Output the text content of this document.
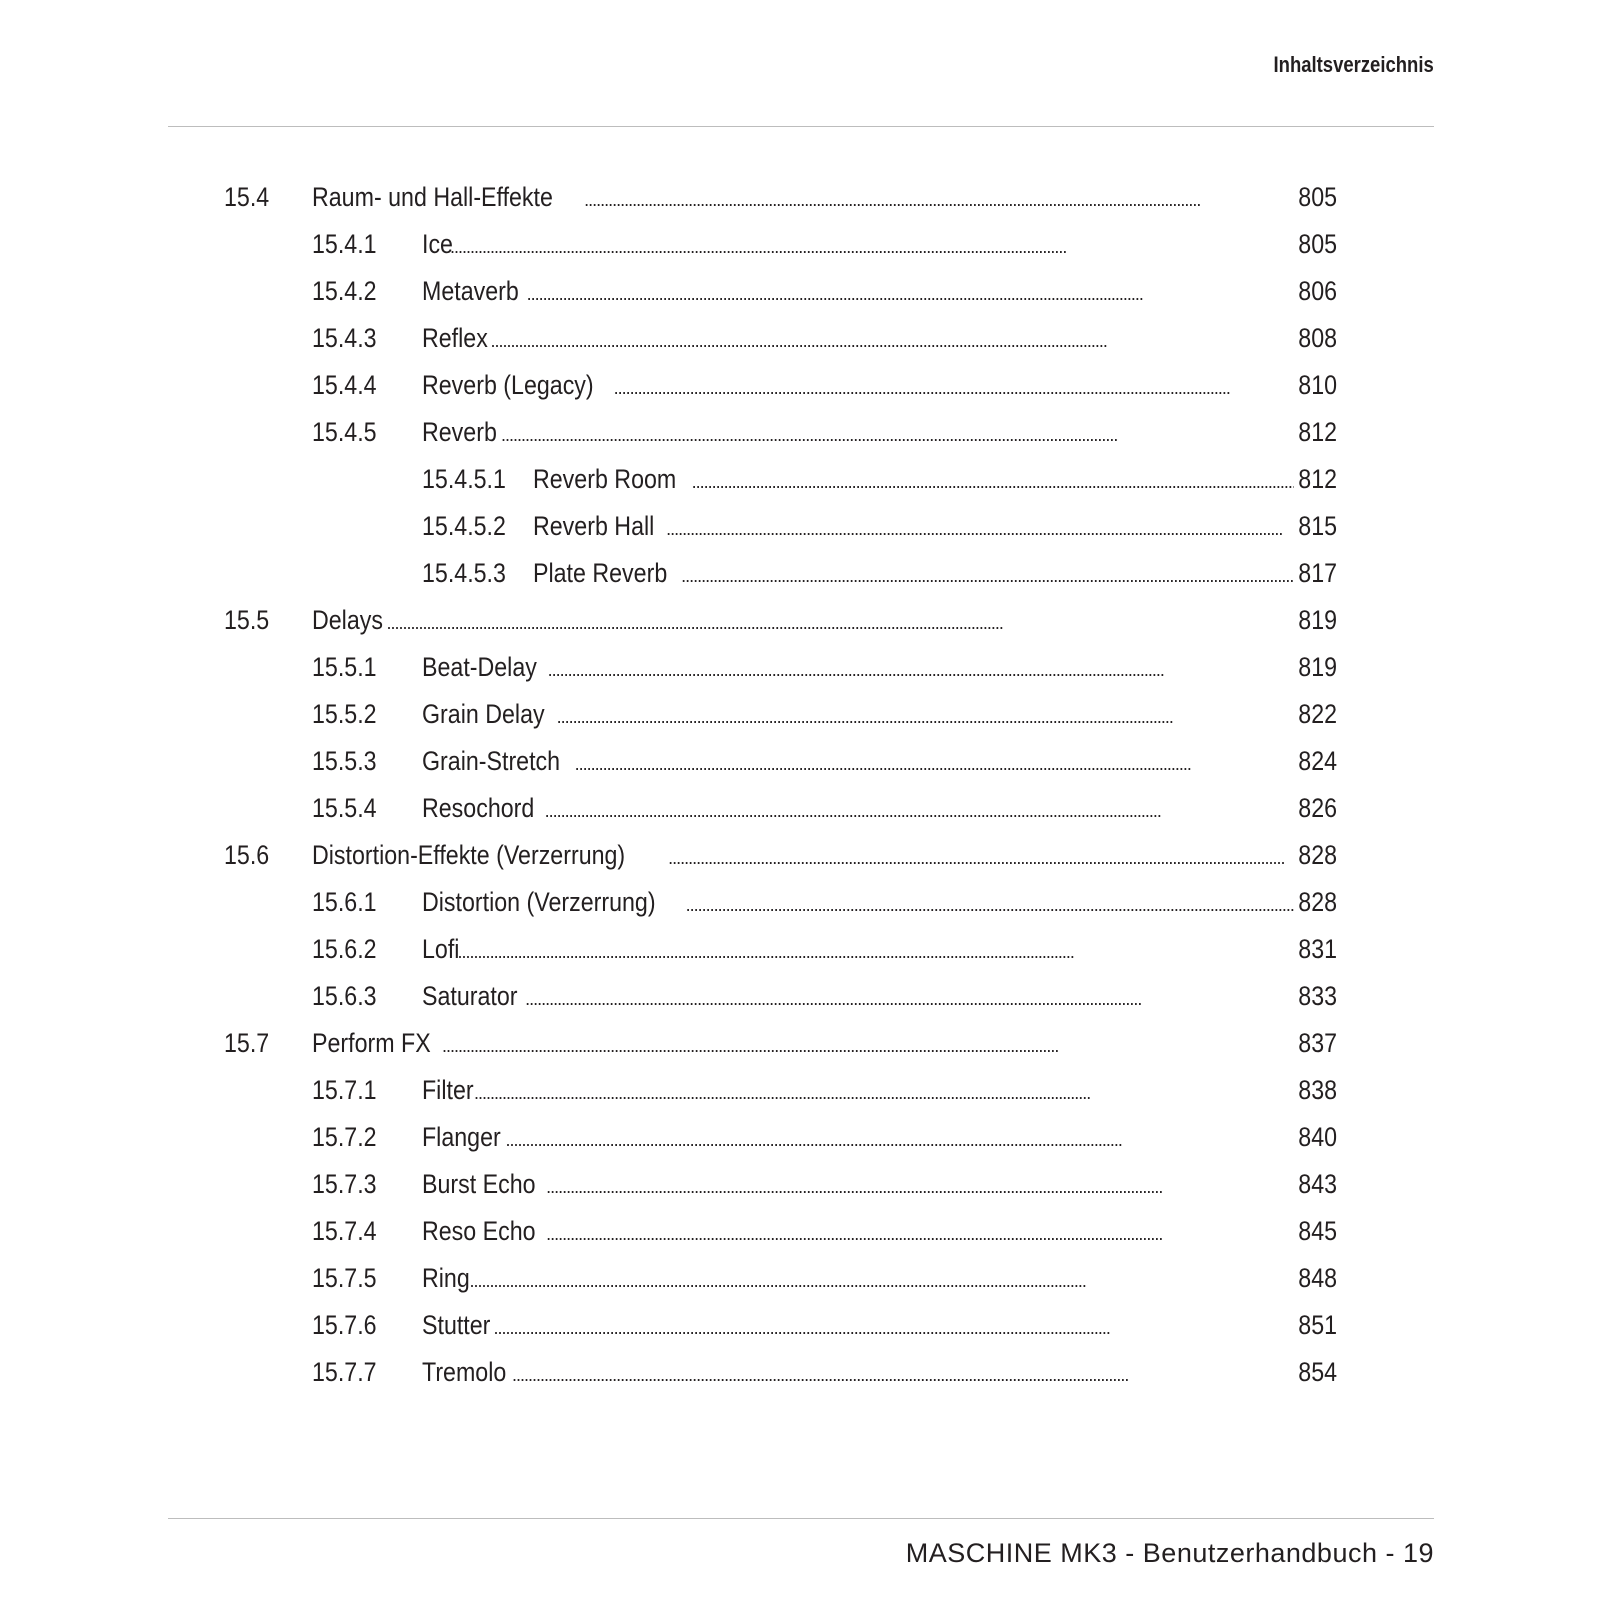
Inhaltsverzeichnis
15.4 Raum- und Hall-Effekte . . .	805
15.4.1 Ice . . .	805
15.4.2 Metaverb . . .	806
15.4.3 Reflex . . .	808
15.4.4 Reverb (Legacy) . . .	810
15.4.5 Reverb . . .	812
15.4.5.1 Reverb Room . . .	812
15.4.5.2 Reverb Hall . . .	815
15.4.5.3 Plate Reverb . . .	817
15.5 Delays . . .	819
15.5.1 Beat-Delay . . .	819
15.5.2 Grain Delay . . .	822
15.5.3 Grain-Stretch . . .	824
15.5.4 Resochord . . .	826
15.6 Distortion-Effekte (Verzerrung) . . .	828
15.6.1 Distortion (Verzerrung) . . .	828
15.6.2 Lofi . . .	831
15.6.3 Saturator . . .	833
15.7 Perform FX . . .	837
15.7.1 Filter . . .	838
15.7.2 Flanger . . .	840
15.7.3 Burst Echo . . .	843
15.7.4 Reso Echo . . .	845
15.7.5 Ring . . .	848
15.7.6 Stutter . . .	851
15.7.7 Tremolo . . .	854
MASCHINE MK3 - Benutzerhandbuch - 19
